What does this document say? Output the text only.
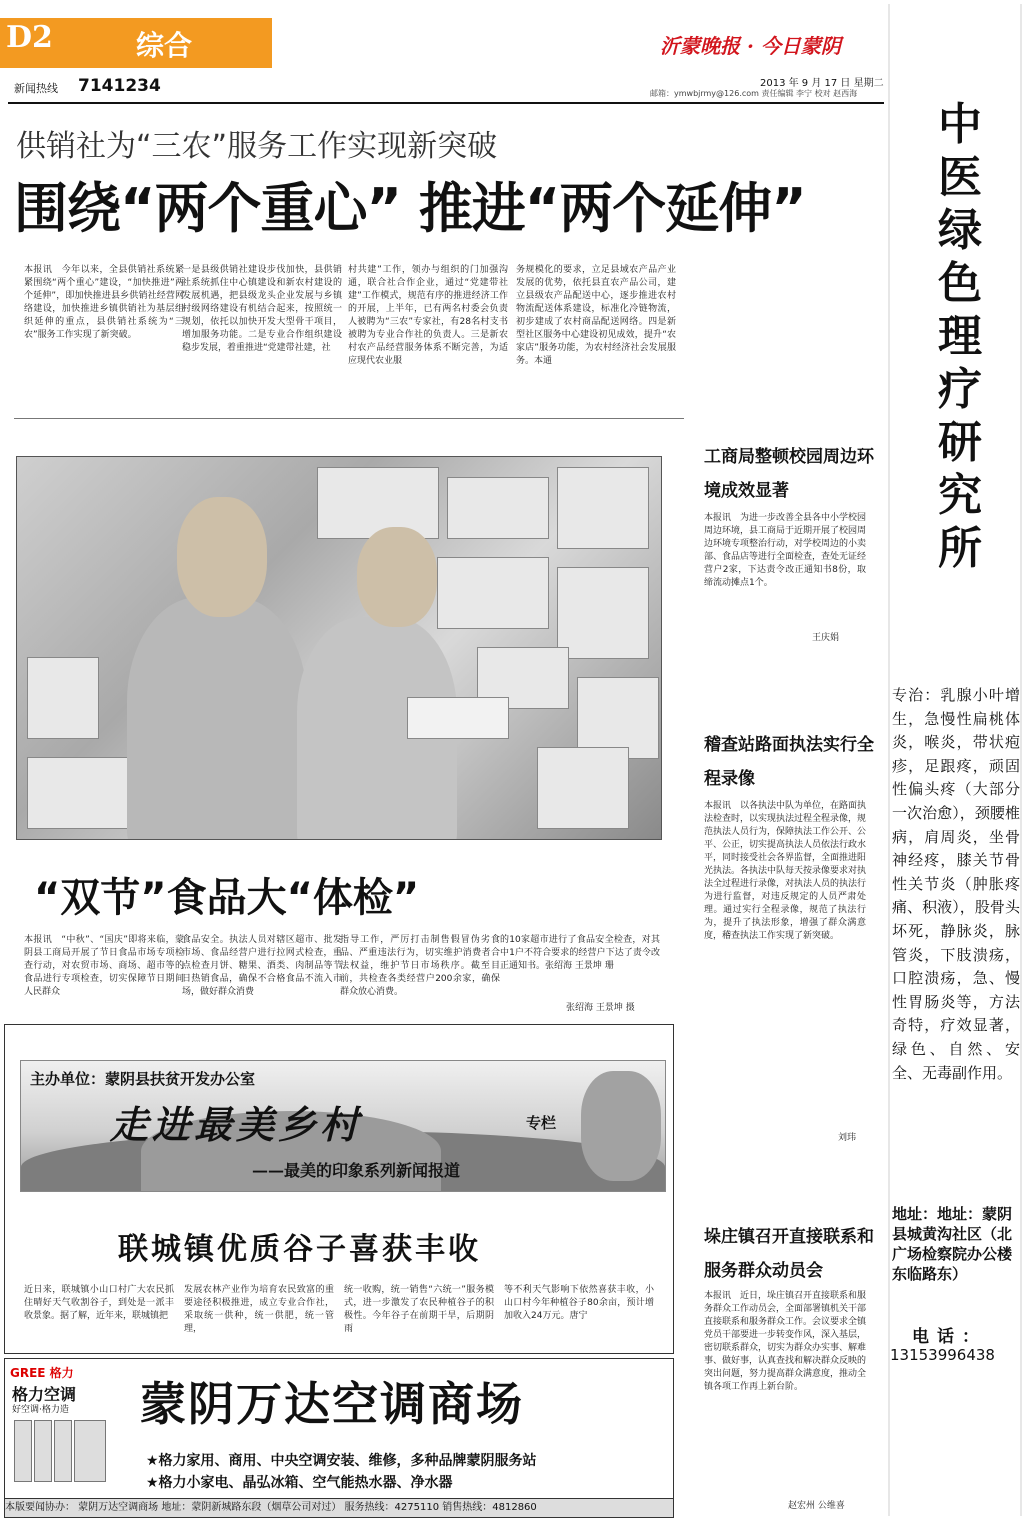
D2	综合	沂蒙晚报 · 今日蒙阴
新闻热线 7141234	2013 年 9 月 17 日 星期二
邮箱：ymwbjrmy@126.com 责任编辑 李宁 校对 赵西海
供销社为“三农”服务工作实现新突破
围绕“两个重心” 推进“两个延伸”
本报讯　今年以来，全县供销社系统紧紧围绕“两个重心”建设，“加快推进”两个延伸”，即加快推进县乡供销社经营网络建设，加快推进乡镇供销社为基层组织延伸的重点，县供销社系统为“三农”服务工作实现了新突破。
一是县级供销社建设步伐加快，县供销社系统抓住中心镇建设和新农村建设的发展机遇，把县级龙头企业发展与乡镇村级网络建设有机结合起来，按照统一规划，依托以加快开发大型骨干项目，增加服务功能。二是专业合作组织建设稳步发展，着重推进“党建带社建，社
村共建”工作，领办与组织的门加强沟通，联合社合作企业，通过“党建带社建”工作模式，规范有序的推进经济工作的开展，上半年，已有两名村委会负责人被聘为“三农”专家社，有28名村支书被聘为专业合作社的负责人。三是新农村农产品经营服务体系不断完善，为适应现代农业服
务规模化的要求，立足县域农产品产业发展的优势，依托县直农产品公司，建立县级农产品配送中心，逐步推进农村物流配送体系建设，标准化冷链物流，初步建成了农村商品配送网络。四是新型社区服务中心建设初见成效，提升“农家店”服务功能，为农村经济社会发展服务。本通
“双节”食品大“体检”
本报讯　“中秋”、“国庆”即将来临，蒙阴县工商局开展了节日食品市场专项检查行动，对农贸市场、商场、超市等的食品进行专项检查，切实保障节日期间人民群众
食品安全。执法人员对辖区超市、批发市场、食品经营户进行拉网式检查，重点检查月饼、糖果、酒类、肉制品等节日热销食品，确保不合格食品不流入市场，做好群众消费
指导工作，严厉打击制售假冒伪劣食品、严重违法行为，切实维护消费者合法权益，维护节日市场秩序。截至目前，共检查各类经营户200余家，确保群众放心消费。
的10家超市进行了食品安全检查，对其中1户不符合要求的经营户下达了责令改正通知书。张绍海 王景坤 珊
张绍海 王景坤 摄
工商局整顿校园周边环境成效显著
本报讯　为进一步改善全县各中小学校园周边环境，县工商局于近期开展了校园周边环境专项整治行动，对学校周边的小卖部、食品店等进行全面检查，查处无证经营户2家，下达责令改正通知书8份，取缔流动摊点1个。
王庆娟
稽查站路面执法实行全程录像
本报讯　以各执法中队为单位，在路面执法检查时，以实现执法过程全程录像，规范执法人员行为，保障执法工作公开、公平、公正，切实提高执法人员依法行政水平，同时接受社会各界监督，全面推进阳光执法。各执法中队每天按录像要求对执法全过程进行录像，对执法人员的执法行为进行监督，对违反规定的人员严肃处理。通过实行全程录像，规范了执法行为，提升了执法形象，增强了群众满意度，稽查执法工作实现了新突破。
刘玮
垛庄镇召开直接联系和服务群众动员会
本报讯　近日，垛庄镇召开直接联系和服务群众工作动员会，全面部署镇机关干部直接联系和服务群众工作。会议要求全镇党员干部要进一步转变作风，深入基层，密切联系群众，切实为群众办实事、解难事、做好事，认真查找和解决群众反映的突出问题，努力提高群众满意度，推动全镇各项工作再上新台阶。
赵宏州 公维喜
中医绿色理疗研究所
专治：乳腺小叶增生，急慢性扁桃体炎，喉炎，带状疱疹，足跟疼，顽固性偏头疼（大部分一次治愈），颈腰椎病，肩周炎，坐骨神经疼，膝关节骨性关节炎（肿胀疼痛、积液），股骨头坏死，静脉炎，脉管炎，下肢溃疡，口腔溃疡，急、慢性胃肠炎等，方法奇特，疗效显著，绿色、自然、安全、无毒副作用。
地址：地址：蒙阴县城黄沟社区（北广场检察院办公楼东临路东）
电话：
13153996438
主办单位：蒙阴县扶贫开发办公室
走进最美乡村	专栏
——最美的印象系列新闻报道
联城镇优质谷子喜获丰收
近日来，联城镇小山口村广大农民抓住晴好天气收割谷子，到处是一派丰收景象。据了解，近年来，联城镇把
发展农林产业作为培育农民致富的重要途径积极推进，成立专业合作社，采取统一供种，统一供肥，统一管理，
统一收购，统一销售“六统一”服务模式，进一步激发了农民种植谷子的积极性。今年谷子在前期干旱，后期阴雨
等不利天气影响下依然喜获丰收，小山口村今年种植谷子80余亩，预计增加收入24万元。唐宁
GREE 格力
格力空调
好空调·格力造 蒙阴万达空调商场
★格力家用、商用、中央空调安装、维修，多种品牌蒙阴服务站
★格力小家电、晶弘冰箱、空气能热水器、净水器
本版要闻协办： 蒙阴万达空调商场 地址：蒙阴新城路东段（烟草公司对过） 服务热线：4275110 销售热线：4812860
